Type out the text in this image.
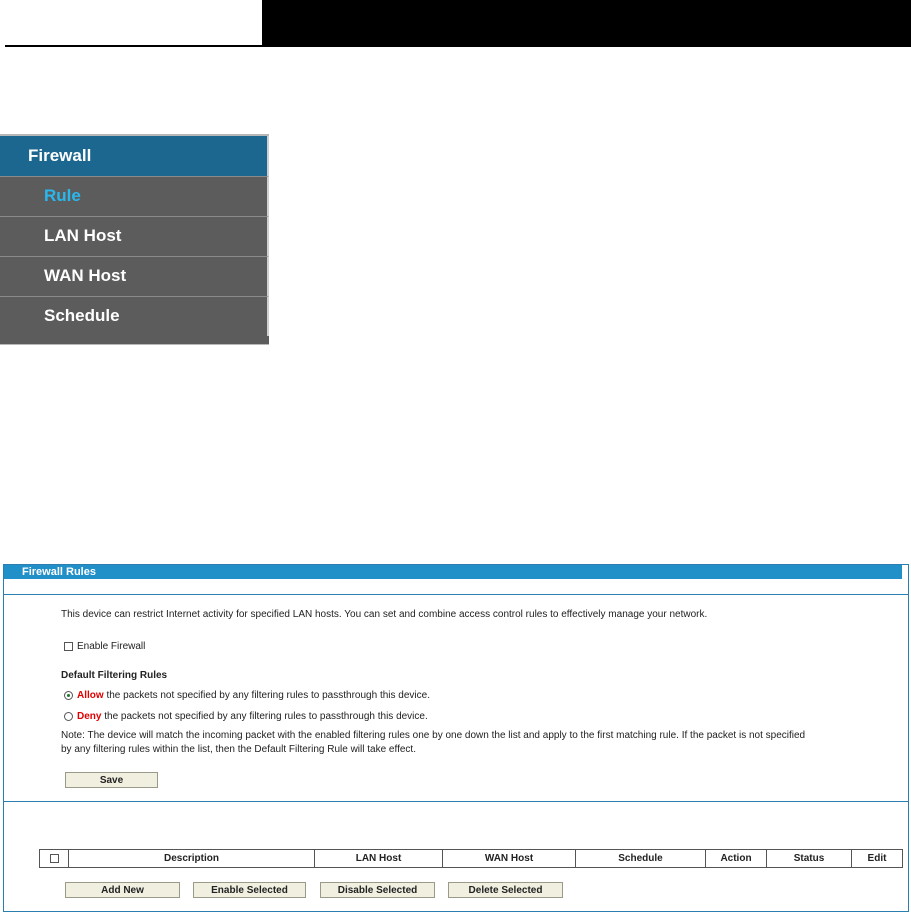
Firewall
Rule
LAN Host
WAN Host
Schedule
Firewall Rules
This device can restrict Internet activity for specified LAN hosts. You can set and combine access control rules to effectively manage your network.
Enable Firewall
Default Filtering Rules
Allow the packets not specified by any filtering rules to passthrough this device.
Deny the packets not specified by any filtering rules to passthrough this device.
Note: The device will match the incoming packet with the enabled filtering rules one by one down the list and apply to the first matching rule. If the packet is not specified
by any filtering rules within the list, then the Default Filtering Rule will take effect.
Save
	Description	LAN Host	WAN Host	Schedule	Action	Status	Edit
Add New	Enable Selected	Disable Selected	Delete Selected
